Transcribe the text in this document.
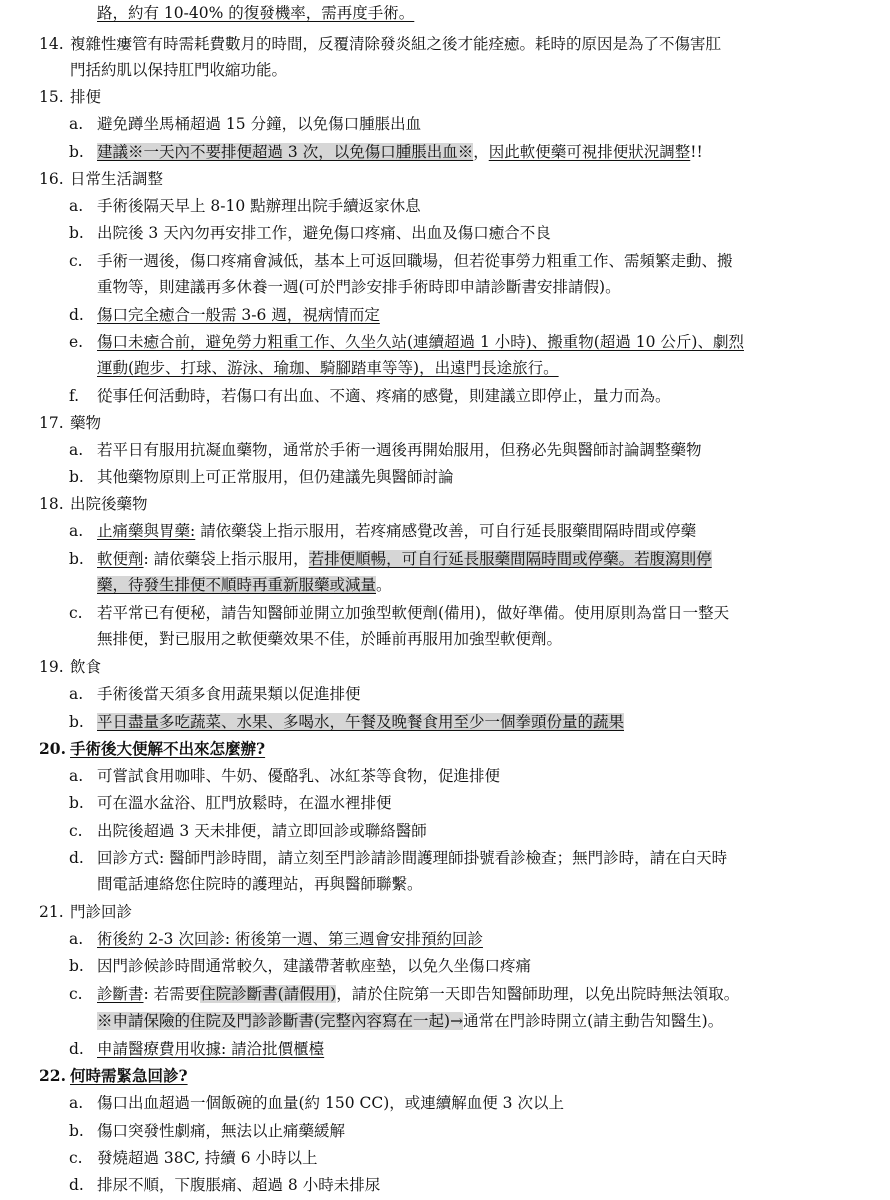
路，約有 10-40% 的復發機率，需再度手術。
14. 複雜性瘻管有時需耗費數月的時間，反覆清除發炎組之後才能痊癒。耗時的原因是為了不傷害肛
門括約肌以保持肛門收縮功能。
15. 排便
a. 避免蹲坐馬桶超過 15 分鐘，以免傷口腫脹出血
b. 建議※一天內不要排便超過 3 次，以免傷口腫脹出血※，因此軟便藥可視排便狀況調整!!
16. 日常生活調整
a. 手術後隔天早上 8-10 點辦理出院手續返家休息
b. 出院後 3 天內勿再安排工作，避免傷口疼痛、出血及傷口癒合不良
c. 手術一週後，傷口疼痛會減低，基本上可返回職場，但若從事勞力粗重工作、需頻繁走動、搬
重物等，則建議再多休養一週(可於門診安排手術時即申請診斷書安排請假)。
d. 傷口完全癒合一般需 3-6 週，視病情而定
e. 傷口未癒合前，避免勞力粗重工作、久坐久站(連續超過 1 小時)、搬重物(超過 10 公斤)、劇烈
運動(跑步、打球、游泳、瑜珈、騎腳踏車等等)，出遠門長途旅行。
f. 從事任何活動時，若傷口有出血、不適、疼痛的感覺，則建議立即停止，量力而為。
17. 藥物
a. 若平日有服用抗凝血藥物，通常於手術一週後再開始服用，但務必先與醫師討論調整藥物
b. 其他藥物原則上可正常服用，但仍建議先與醫師討論
18. 出院後藥物
a. 止痛藥與胃藥: 請依藥袋上指示服用，若疼痛感覺改善，可自行延長服藥間隔時間或停藥
b. 軟便劑: 請依藥袋上指示服用，若排便順暢，可自行延長服藥間隔時間或停藥。若腹瀉則停
藥，待發生排便不順時再重新服藥或減量。
c. 若平常已有便秘，請告知醫師並開立加強型軟便劑(備用)，做好準備。使用原則為當日一整天
無排便，對已服用之軟便藥效果不佳，於睡前再服用加強型軟便劑。
19. 飲食
a. 手術後當天須多食用蔬果類以促進排便
b. 平日盡量多吃蔬菜、水果、多喝水，午餐及晚餐食用至少一個拳頭份量的蔬果
20. 手術後大便解不出來怎麼辦?
a. 可嘗試食用咖啡、牛奶、優酪乳、冰紅茶等食物，促進排便
b. 可在溫水盆浴、肛門放鬆時，在溫水裡排便
c. 出院後超過 3 天未排便，請立即回診或聯絡醫師
d. 回診方式: 醫師門診時間，請立刻至門診請診間護理師掛號看診檢查；無門診時，請在白天時
間電話連絡您住院時的護理站，再與醫師聯繫。
21. 門診回診
a. 術後約 2-3 次回診: 術後第一週、第三週會安排預約回診
b. 因門診候診時間通常較久，建議帶著軟座墊，以免久坐傷口疼痛
c. 診斷書: 若需要住院診斷書(請假用)，請於住院第一天即告知醫師助理，以免出院時無法領取。
※申請保險的住院及門診診斷書(完整內容寫在一起)→通常在門診時開立(請主動告知醫生)。
d. 申請醫療費用收據: 請洽批價櫃檯
22. 何時需緊急回診?
a. 傷口出血超過一個飯碗的血量(約 150 CC)，或連續解血便 3 次以上
b. 傷口突發性劇痛，無法以止痛藥緩解
c. 發燒超過 38C, 持續 6 小時以上
d. 排尿不順，下腹脹痛、超過 8 小時未排尿
